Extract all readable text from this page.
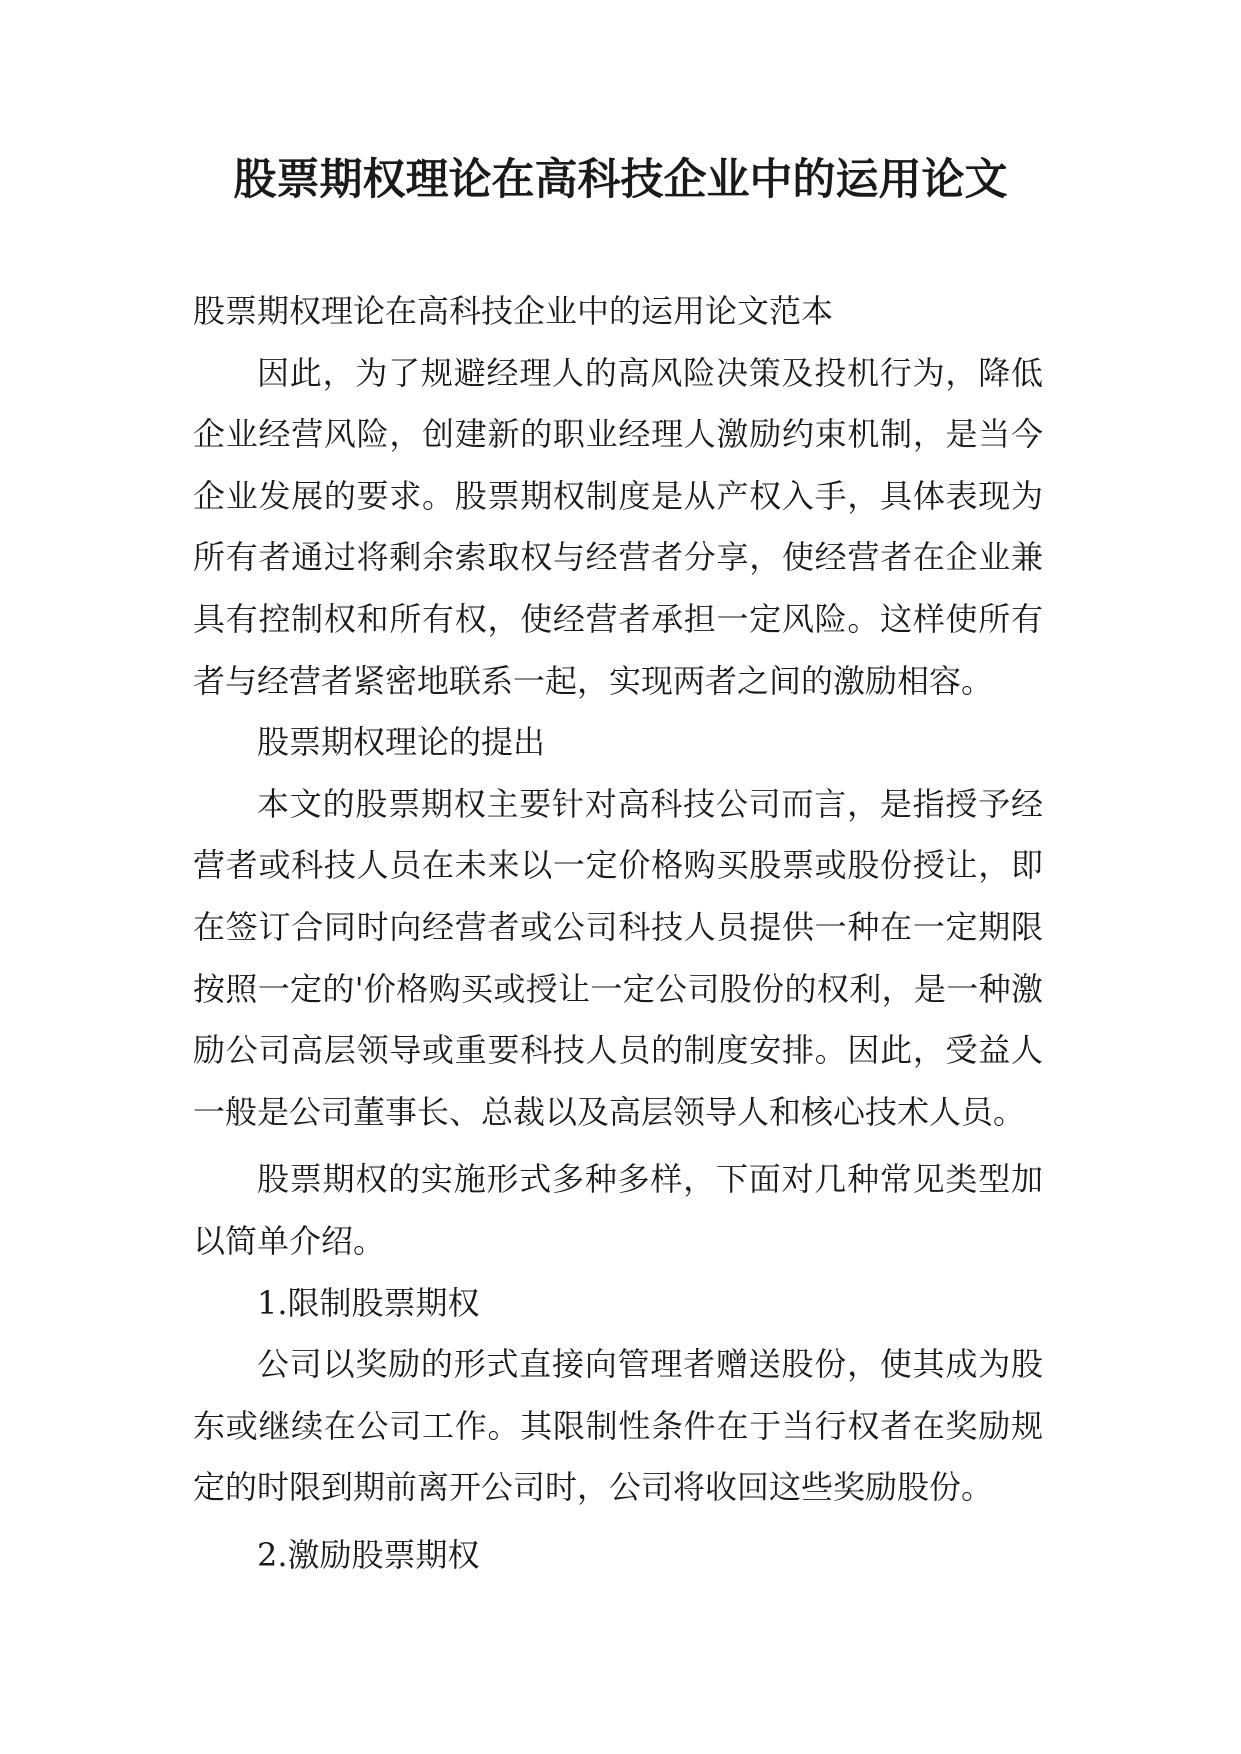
股票期权理论在高科技企业中的运用论文

股票期权理论在高科技企业中的运用论文范本

因此，为了规避经理人的高风险决策及投机行为，降低企业经营风险，创建新的职业经理人激励约束机制，是当今企业发展的要求。股票期权制度是从产权入手，具体表现为所有者通过将剩余索取权与经营者分享，使经营者在企业兼具有控制权和所有权，使经营者承担一定风险。这样使所有者与经营者紧密地联系一起，实现两者之间的激励相容。

股票期权理论的提出

本文的股票期权主要针对高科技公司而言，是指授予经营者或科技人员在未来以一定价格购买股票或股份授让，即在签订合同时向经营者或公司科技人员提供一种在一定期限按照一定的'价格购买或授让一定公司股份的权利，是一种激励公司高层领导或重要科技人员的制度安排。因此，受益人一般是公司董事长、总裁以及高层领导人和核心技术人员。

股票期权的实施形式多种多样，下面对几种常见类型加以简单介绍。

1.限制股票期权

公司以奖励的形式直接向管理者赠送股份，使其成为股东或继续在公司工作。其限制性条件在于当行权者在奖励规定的时限到期前离开公司时，公司将收回这些奖励股份。

2.激励股票期权
